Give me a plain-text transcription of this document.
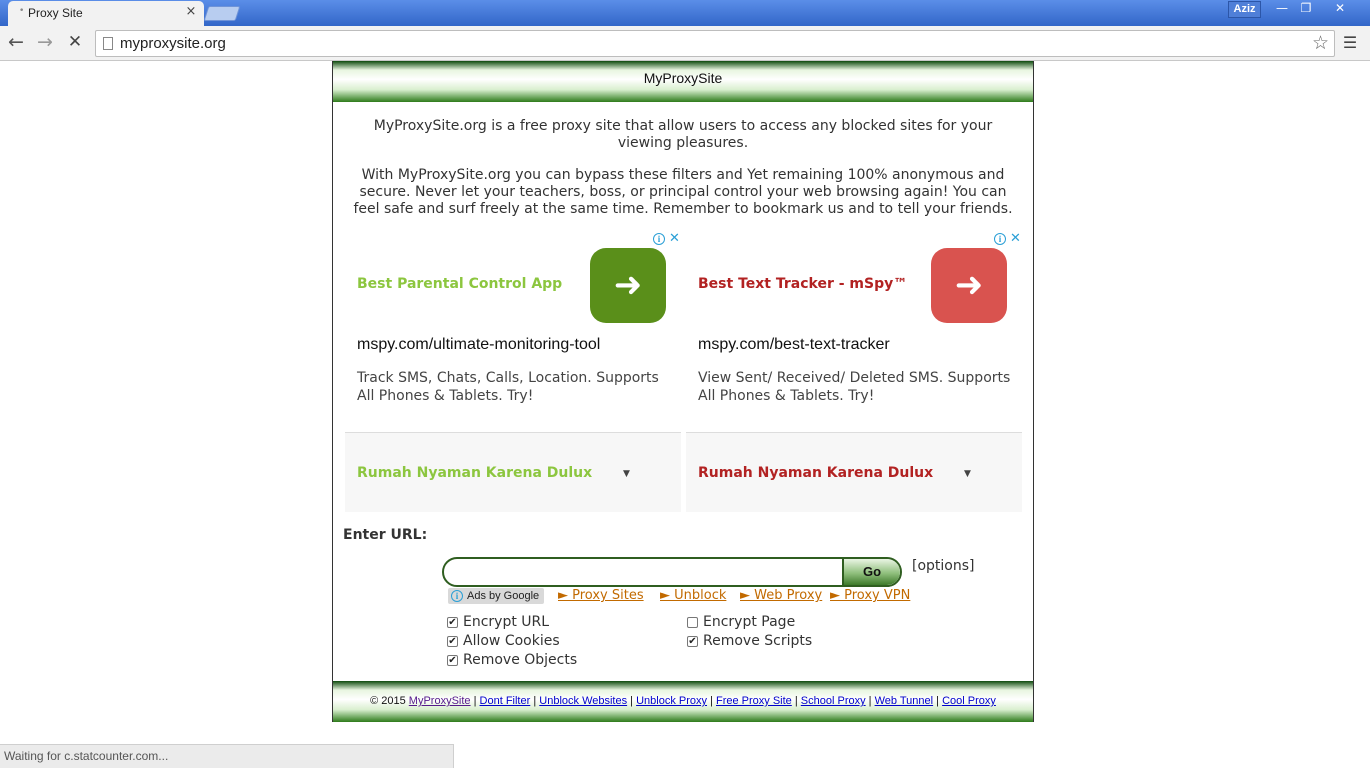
• Proxy Site	×	Aziz	—	❐	✕
← → ✕	myproxysite.org	☆ ☰
MyProxySite
MyProxySite.org is a free proxy site that allow users to access any blocked sites for your viewing pleasures.
With MyProxySite.org you can bypass these filters and Yet remaining 100% anonymous and secure. Never let your teachers, boss, or principal control your web browsing again! You can feel safe and surf freely at the same time. Remember to bookmark us and to tell your friends.
i ✕
Best Parental Control App	➜
mspy.com/ultimate-monitoring-tool
Track SMS, Chats, Calls, Location. Supports All Phones & Tablets. Try!
Rumah Nyaman Karena Dulux	▼
i ✕
Best Text Tracker - mSpy™	➜
mspy.com/best-text-tracker
View Sent/ Received/ Deleted SMS. Supports All Phones & Tablets. Try!
Rumah Nyaman Karena Dulux	▼
Enter URL:
Go	[options]
i Ads by Google ► Proxy Sites ► Unblock ► Web Proxy ► Proxy VPN
✔ Encrypt URL
✔ Allow Cookies
✔ Remove Objects
Encrypt Page
✔ Remove Scripts
© 2015 MyProxySite | Dont Filter | Unblock Websites | Unblock Proxy | Free Proxy Site | School Proxy | Web Tunnel | Cool Proxy
Waiting for c.statcounter.com...
